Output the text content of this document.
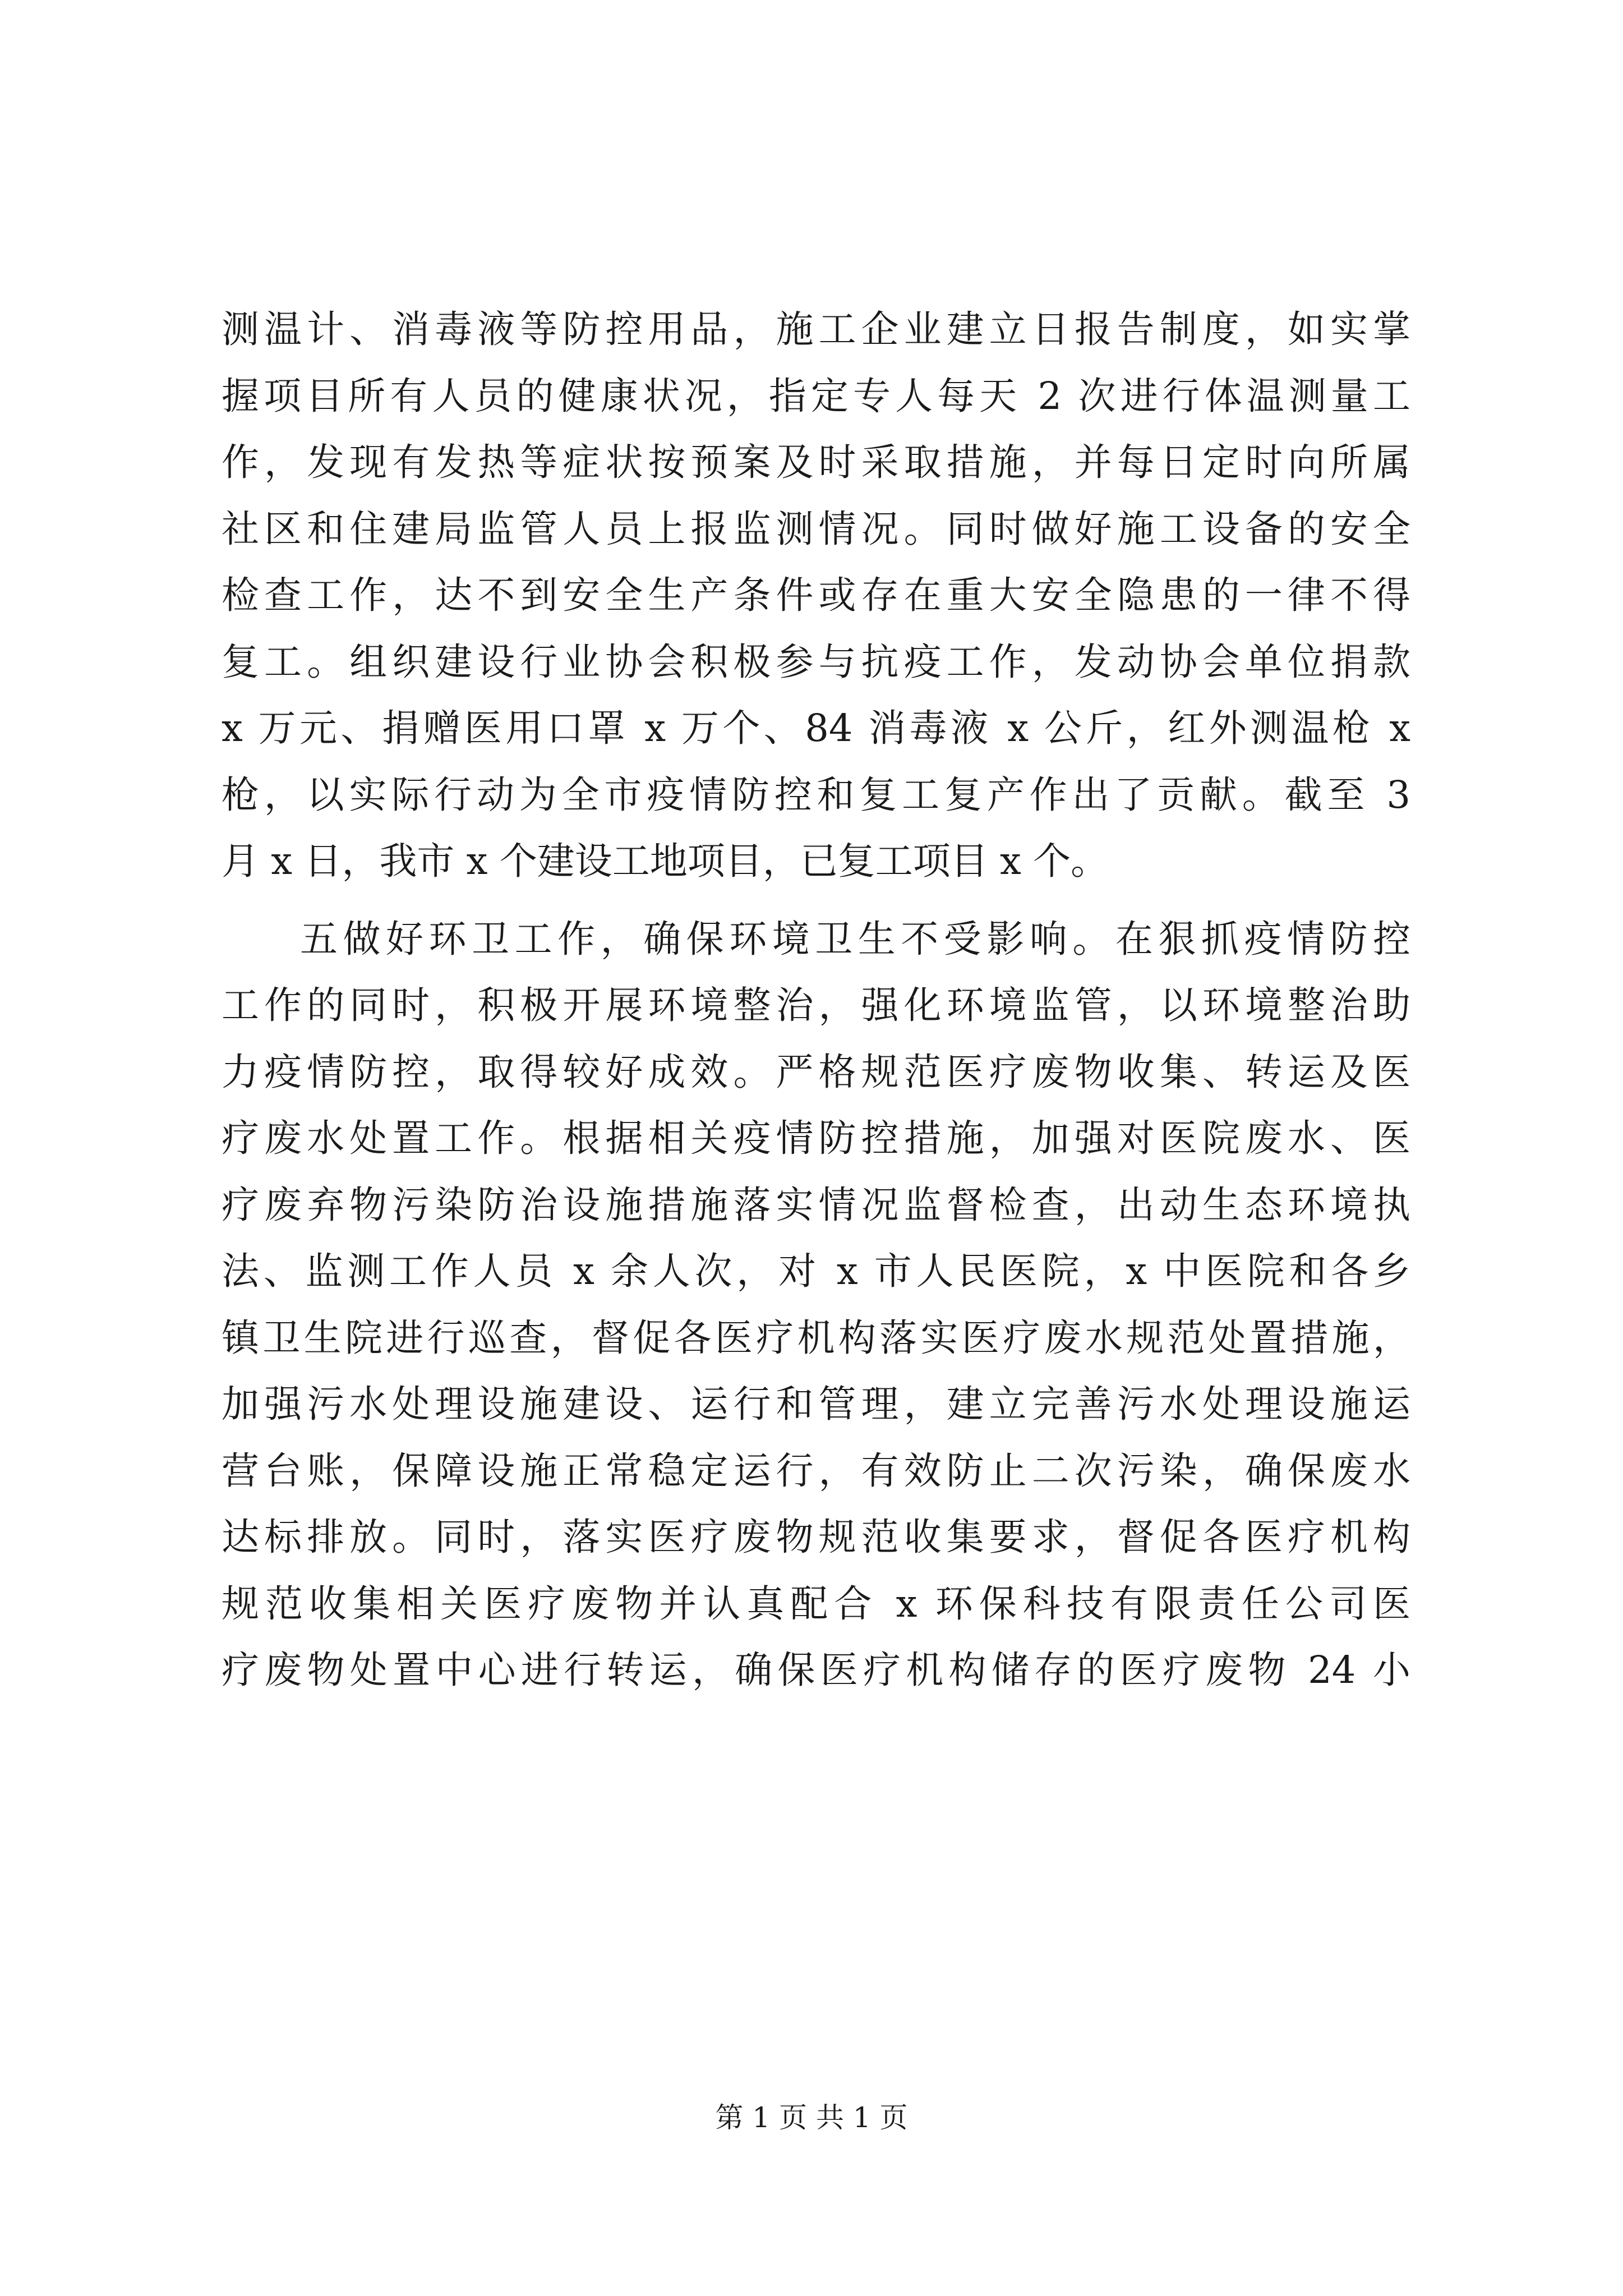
测温计、消毒液等防控用品，施工企业建立日报告制度，如实掌
握项目所有人员的健康状况，指定专人每天 2 次进行体温测量工
作，发现有发热等症状按预案及时采取措施，并每日定时向所属
社区和住建局监管人员上报监测情况。同时做好施工设备的安全
检查工作，达不到安全生产条件或存在重大安全隐患的一律不得
复工。组织建设行业协会积极参与抗疫工作，发动协会单位捐款
x 万元、捐赠医用口罩 x 万个、84 消毒液 x 公斤，红外测温枪 x
枪，以实际行动为全市疫情防控和复工复产作出了贡献。截至 3
月 x 日，我市 x 个建设工地项目，已复工项目 x 个。
五做好环卫工作，确保环境卫生不受影响。在狠抓疫情防控
工作的同时，积极开展环境整治，强化环境监管，以环境整治助
力疫情防控，取得较好成效。严格规范医疗废物收集、转运及医
疗废水处置工作。根据相关疫情防控措施，加强对医院废水、医
疗废弃物污染防治设施措施落实情况监督检查，出动生态环境执
法、监测工作人员 x 余人次，对 x 市人民医院，x 中医院和各乡
镇卫生院进行巡查，督促各医疗机构落实医疗废水规范处置措施，
加强污水处理设施建设、运行和管理，建立完善污水处理设施运
营台账，保障设施正常稳定运行，有效防止二次污染，确保废水
达标排放。同时，落实医疗废物规范收集要求，督促各医疗机构
规范收集相关医疗废物并认真配合 x 环保科技有限责任公司医
疗废物处置中心进行转运，确保医疗机构储存的医疗废物 24 小
第 1 页 共 1 页
